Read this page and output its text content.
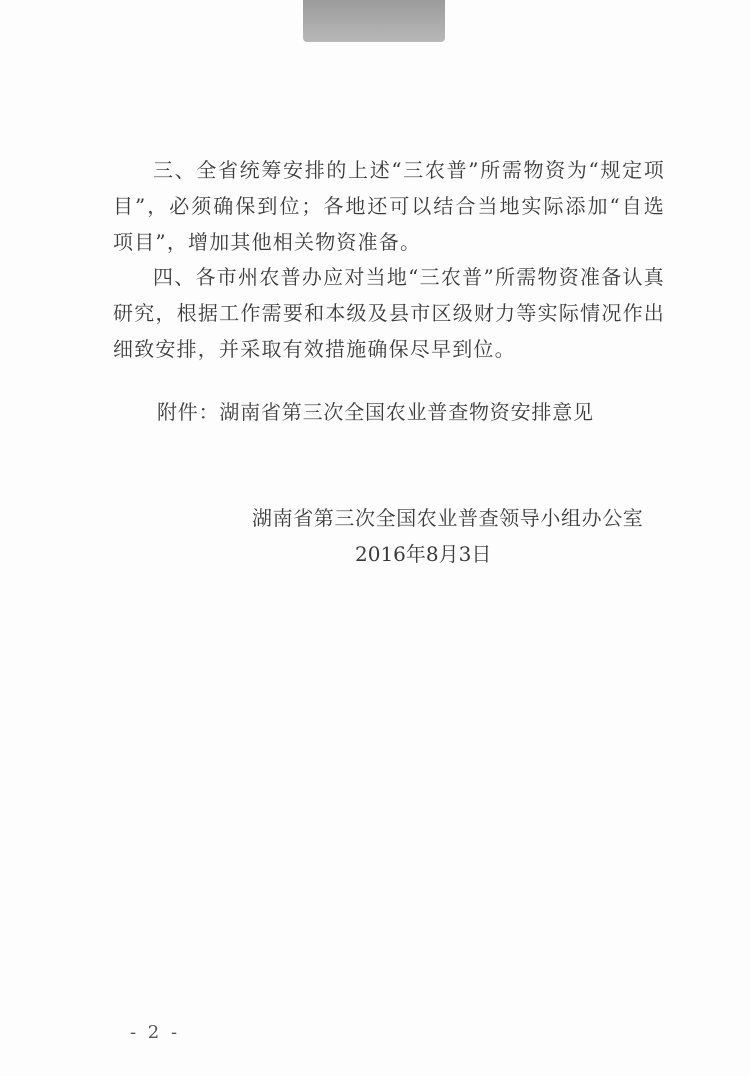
三、全省统筹安排的上述“三农普”所需物资为“规定项目”，必须确保到位；各地还可以结合当地实际添加“自选项目”，增加其他相关物资准备。

四、各市州农普办应对当地“三农普”所需物资准备认真研究，根据工作需要和本级及县市区级财力等实际情况作出细致安排，并采取有效措施确保尽早到位。

附件：湖南省第三次全国农业普查物资安排意见
湖南省第三次全国农业普查领导小组办公室
2016年8月3日
- 2 -
